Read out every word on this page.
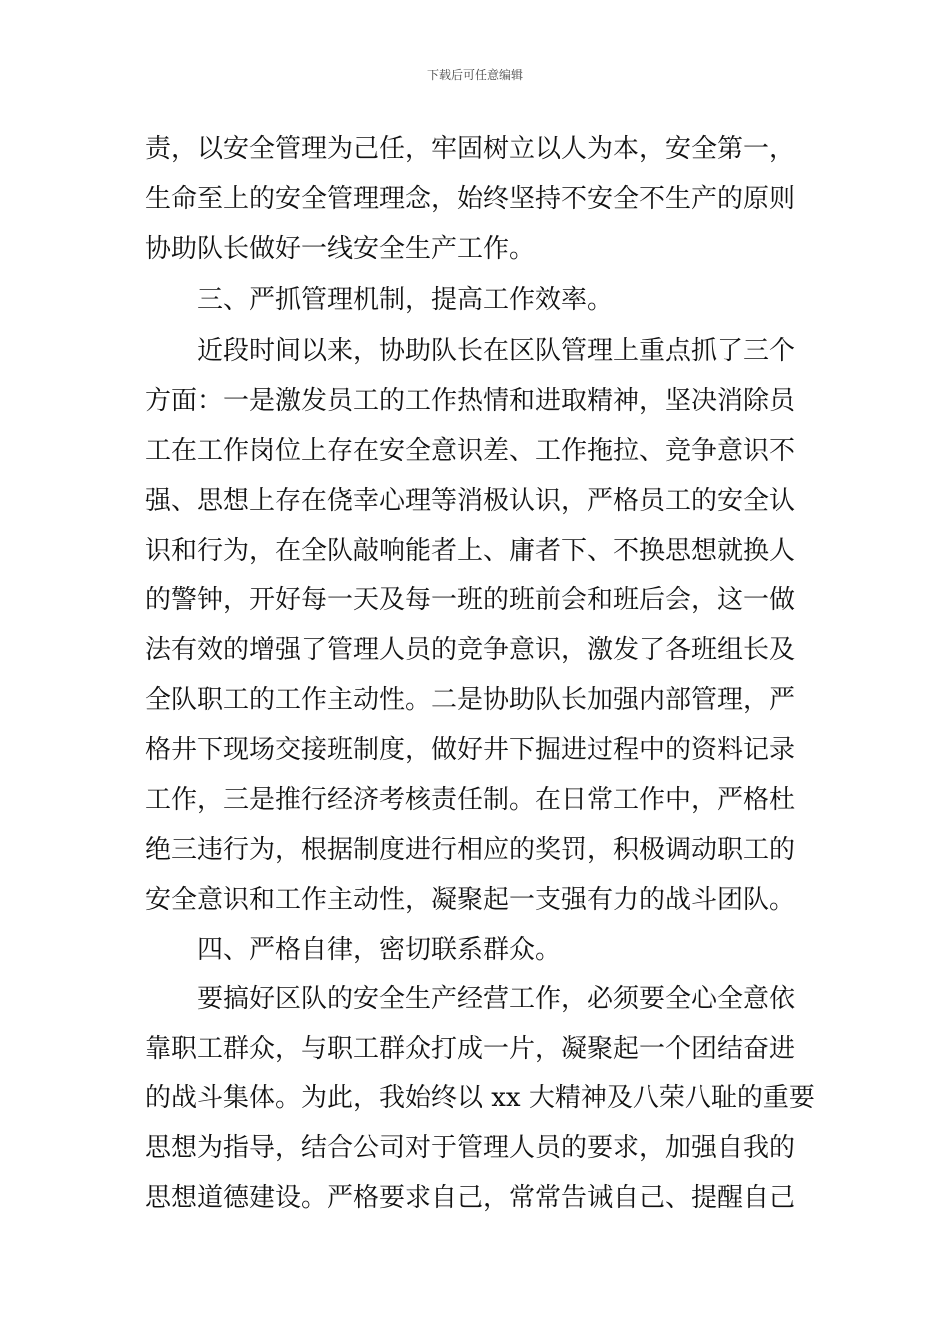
下载后可任意编辑
责，以安全管理为己任，牢固树立以人为本，安全第一，
生命至上的安全管理理念，始终坚持不安全不生产的原则
协助队长做好一线安全生产工作。
　　三、严抓管理机制，提高工作效率。
　　近段时间以来，协助队长在区队管理上重点抓了三个
方面：一是激发员工的工作热情和进取精神，坚决消除员
工在工作岗位上存在安全意识差、工作拖拉、竞争意识不
强、思想上存在侥幸心理等消极认识，严格员工的安全认
识和行为，在全队敲响能者上、庸者下、不换思想就换人
的警钟，开好每一天及每一班的班前会和班后会，这一做
法有效的增强了管理人员的竞争意识，激发了各班组长及
全队职工的工作主动性。二是协助队长加强内部管理，严
格井下现场交接班制度，做好井下掘进过程中的资料记录
工作，三是推行经济考核责任制。在日常工作中，严格杜
绝三违行为，根据制度进行相应的奖罚，积极调动职工的
安全意识和工作主动性，凝聚起一支强有力的战斗团队。
　　四、严格自律，密切联系群众。
　　要搞好区队的安全生产经营工作，必须要全心全意依
靠职工群众，与职工群众打成一片，凝聚起一个团结奋进
的战斗集体。为此，我始终以 xx 大精神及八荣八耻的重要
思想为指导，结合公司对于管理人员的要求，加强自我的
思想道德建设。严格要求自己，常常告诫自己、提醒自己
